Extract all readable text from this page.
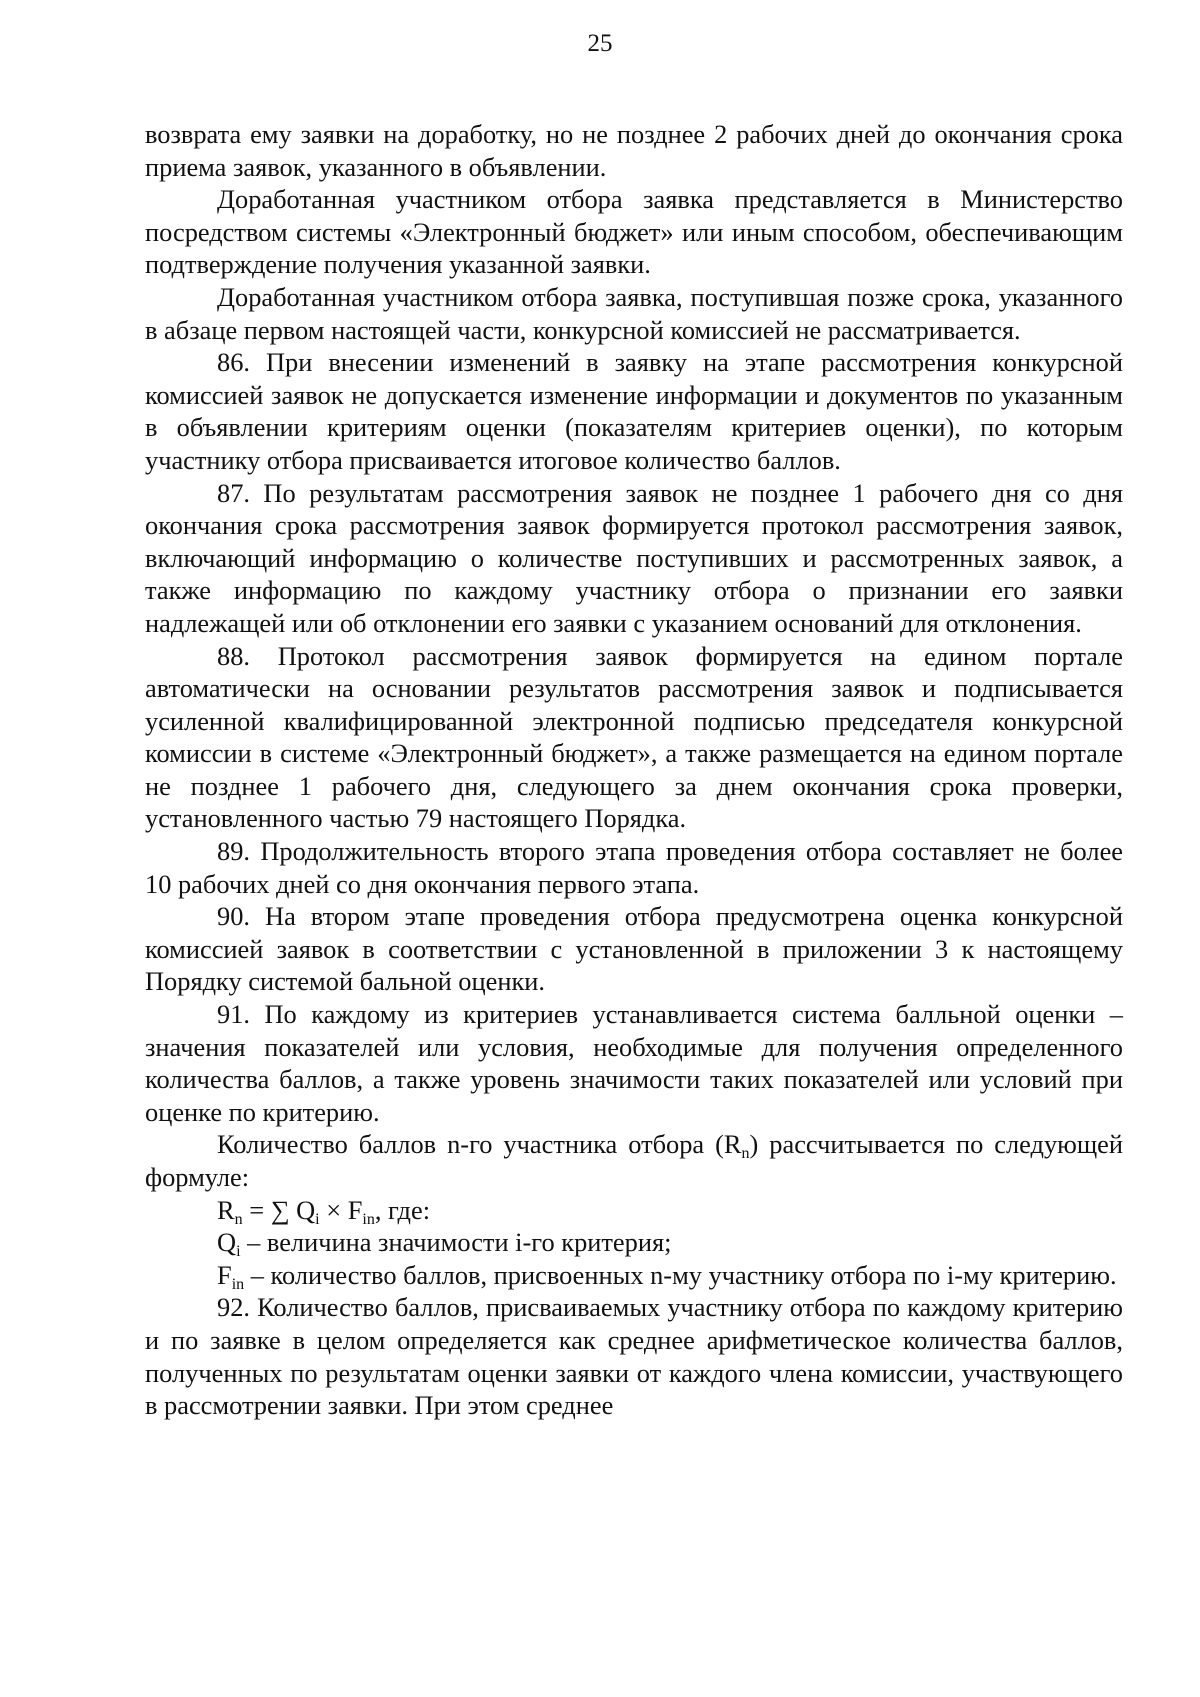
25

возврата ему заявки на доработку, но не позднее 2 рабочих дней до окончания срока приема заявок, указанного в объявлении.

Доработанная участником отбора заявка представляется в Министерство посредством системы «Электронный бюджет» или иным способом, обеспечивающим подтверждение получения указанной заявки.

Доработанная участником отбора заявка, поступившая позже срока, указанного в абзаце первом настоящей части, конкурсной комиссией не рассматривается.

86. При внесении изменений в заявку на этапе рассмотрения конкурсной комиссией заявок не допускается изменение информации и документов по указанным в объявлении критериям оценки (показателям критериев оценки), по которым участнику отбора присваивается итоговое количество баллов.

87. По результатам рассмотрения заявок не позднее 1 рабочего дня со дня окончания срока рассмотрения заявок формируется протокол рассмотрения заявок, включающий информацию о количестве поступивших и рассмотренных заявок, а также информацию по каждому участнику отбора о признании его заявки надлежащей или об отклонении его заявки с указанием оснований для отклонения.

88. Протокол рассмотрения заявок формируется на едином портале автоматически на основании результатов рассмотрения заявок и подписывается усиленной квалифицированной электронной подписью председателя конкурсной комиссии в системе «Электронный бюджет», а также размещается на едином портале не позднее 1 рабочего дня, следующего за днем окончания срока проверки, установленного частью 79 настоящего Порядка.

89. Продолжительность второго этапа проведения отбора составляет не более 10 рабочих дней со дня окончания первого этапа.

90. На втором этапе проведения отбора предусмотрена оценка конкурсной комиссией заявок в соответствии с установленной в приложении 3 к настоящему Порядку системой бальной оценки.

91. По каждому из критериев устанавливается система балльной оценки – значения показателей или условия, необходимые для получения определенного количества баллов, а также уровень значимости таких показателей или условий при оценке по критерию.

Количество баллов n-го участника отбора $(R_n)$ рассчитывается по следующей формуле:

$R_n$ = ∑ $Q_i \times F_{in}$, где:

$Q_i$ – величина значимости i-го критерия;

$F_{in}$ – количество баллов, присвоенных n-му участнику отбора по i-му критерию.

92. Количество баллов, присваиваемых участнику отбора по каждому критерию и по заявке в целом определяется как среднее арифметическое количества баллов, полученных по результатам оценки заявки от каждого члена комиссии, участвующего в рассмотрении заявки. При этом среднее
